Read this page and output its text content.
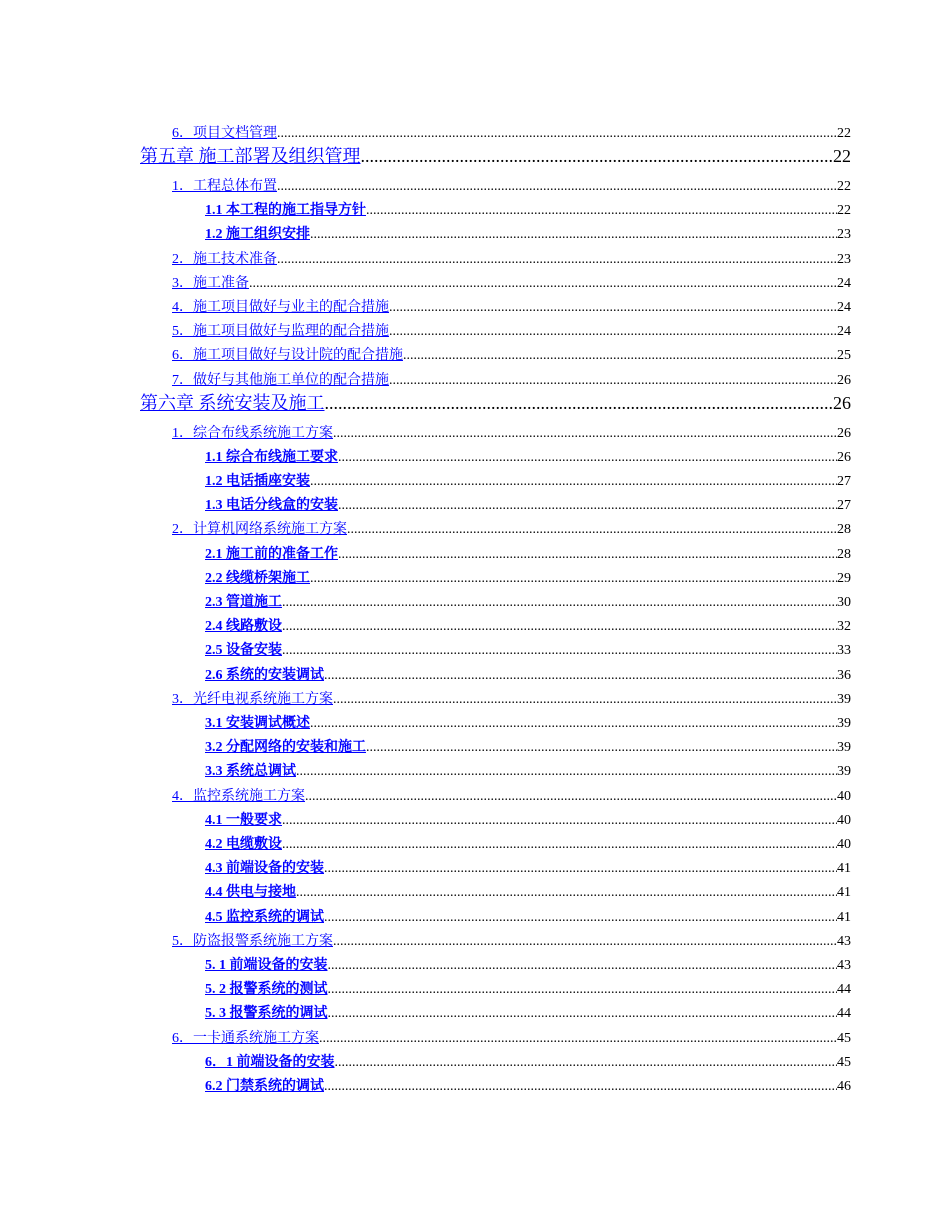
6．项目文档管理 .....	22
第五章 施工部署及组织管理 .....	22
1．工程总体布置 .....	22
1.1 本工程的施工指导方针 .....	22
1.2 施工组织安排 .....	23
2．施工技术准备 .....	23
3．施工准备 .....	24
4．施工项目做好与业主的配合措施 .....	24
5．施工项目做好与监理的配合措施 .....	24
6．施工项目做好与设计院的配合措施 .....	25
7．做好与其他施工单位的配合措施 .....	26
第六章 系统安装及施工 .....	26
1．综合布线系统施工方案 .....	26
1.1 综合布线施工要求 .....	26
1.2 电话插座安装 .....	27
1.3 电话分线盒的安装 .....	27
2．计算机网络系统施工方案 .....	28
2.1 施工前的准备工作 .....	28
2.2 线缆桥架施工 .....	29
2.3 管道施工 .....	30
2.4 线路敷设 .....	32
2.5 设备安装 .....	33
2.6 系统的安装调试 .....	36
3．光纤电视系统施工方案 .....	39
3.1 安装调试概述 .....	39
3.2 分配网络的安装和施工 .....	39
3.3 系统总调试 .....	39
4．监控系统施工方案 .....	40
4.1 一般要求 .....	40
4.2 电缆敷设 .....	40
4.3 前端设备的安装 .....	41
4.4 供电与接地 .....	41
4.5 监控系统的调试 .....	41
5．防盗报警系统施工方案 .....	43
5. 1 前端设备的安装 .....	43
5. 2 报警系统的测试 .....	44
5. 3 报警系统的调试 .....	44
6．一卡通系统施工方案 .....	45
6．1 前端设备的安装 .....	45
6.2 门禁系统的调试 .....	46
